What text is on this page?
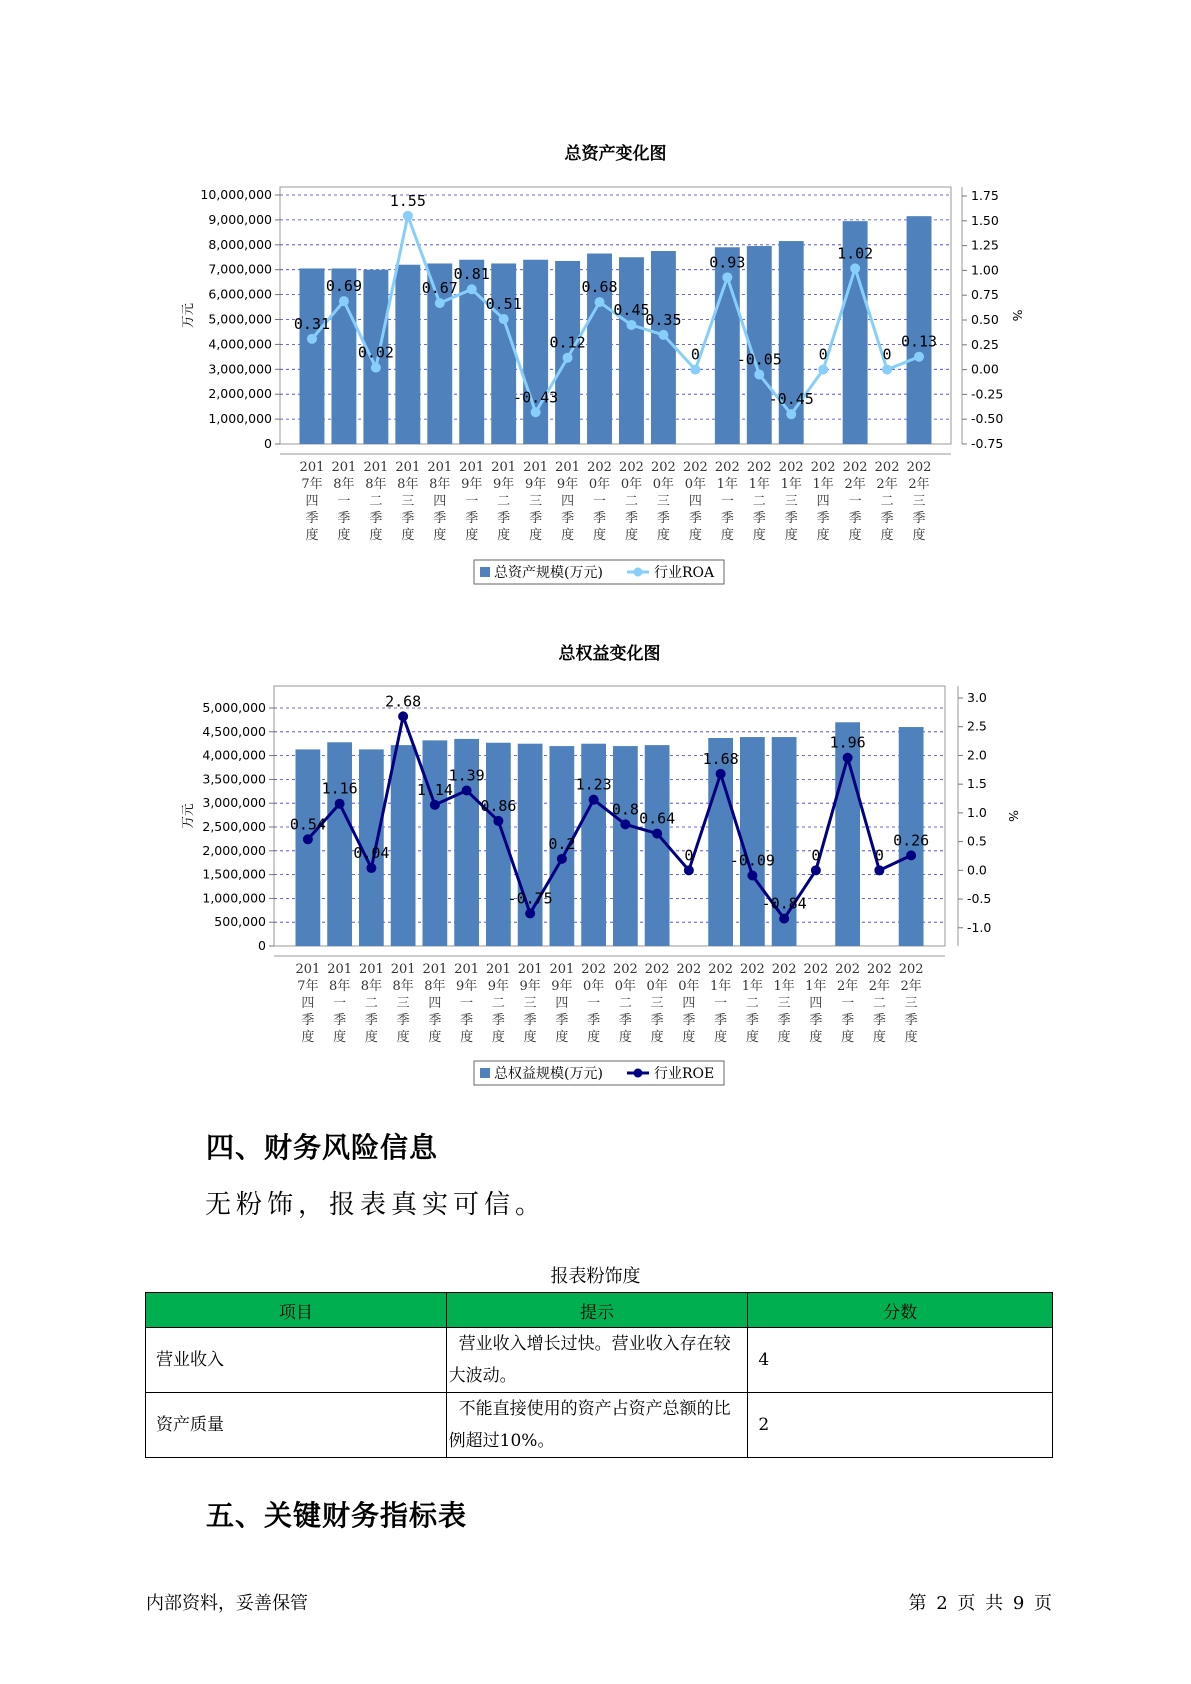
总资产变化图
10,000,000
9,000,000
8,000,000
7,000,000
6,000,000
5,000,000
4,000,000
3,000,000
2,000,000
1,000,000
0
1.75
1.50
1.25
1.00
0.75
0.50
0.25
0.00
-0.25
-0.50
-0.75
万元	%
0.31
0.69
0.02
1.55
0.67
0.81
0.51
-0.43
0.12
0.68
0.45
0.35
0
0.93
-0.05
-0.45
0
1.02
0
0.13
201 7年四季度
201 8年一季度
201 8年二季度
201 8年三季度
201 8年四季度
201 9年一季度
201 9年二季度
201 9年三季度
201 9年四季度
202 0年一季度
202 0年二季度
202 0年三季度
202 0年四季度
202 1年一季度
202 1年二季度
202 1年三季度
202 1年四季度
202 2年一季度
202 2年二季度
202 2年三季度
总资产规模(万元)	行业ROA
总权益变化图
5,000,000
4,500,000
4,000,000
3,500,000
3,000,000
2,500,000
2,000,000
1,500,000
1,000,000
500,000
0
3.0
2.5
2.0
1.5
1.0
0.5
0.0
-0.5
-1.0
万元	%
0.54
1.16
0.04
2.68
1.14
1.39
0.86
-0.75
0.2
1.23
0.8
0.64
0
1.68
-0.09
-0.84
0
1.96
0
0.26
201 7年四季度
201 8年一季度
201 8年二季度
201 8年三季度
201 8年四季度
201 9年一季度
201 9年二季度
201 9年三季度
201 9年四季度
202 0年一季度
202 0年二季度
202 0年三季度
202 0年四季度
202 1年一季度
202 1年二季度
202 1年三季度
202 1年四季度
202 2年一季度
202 2年二季度
202 2年三季度
总权益规模(万元)	行业ROE
四、财务风险信息
无粉饰，报表真实可信。
报表粉饰度
项目	提示	分数
营业收入	营业收入增长过快。营业收入存在较大波动。	4
资产质量	不能直接使用的资产占资产总额的比例超过10%。	2
五、关键财务指标表
内部资料，妥善保管	第 2 页 共 9 页
